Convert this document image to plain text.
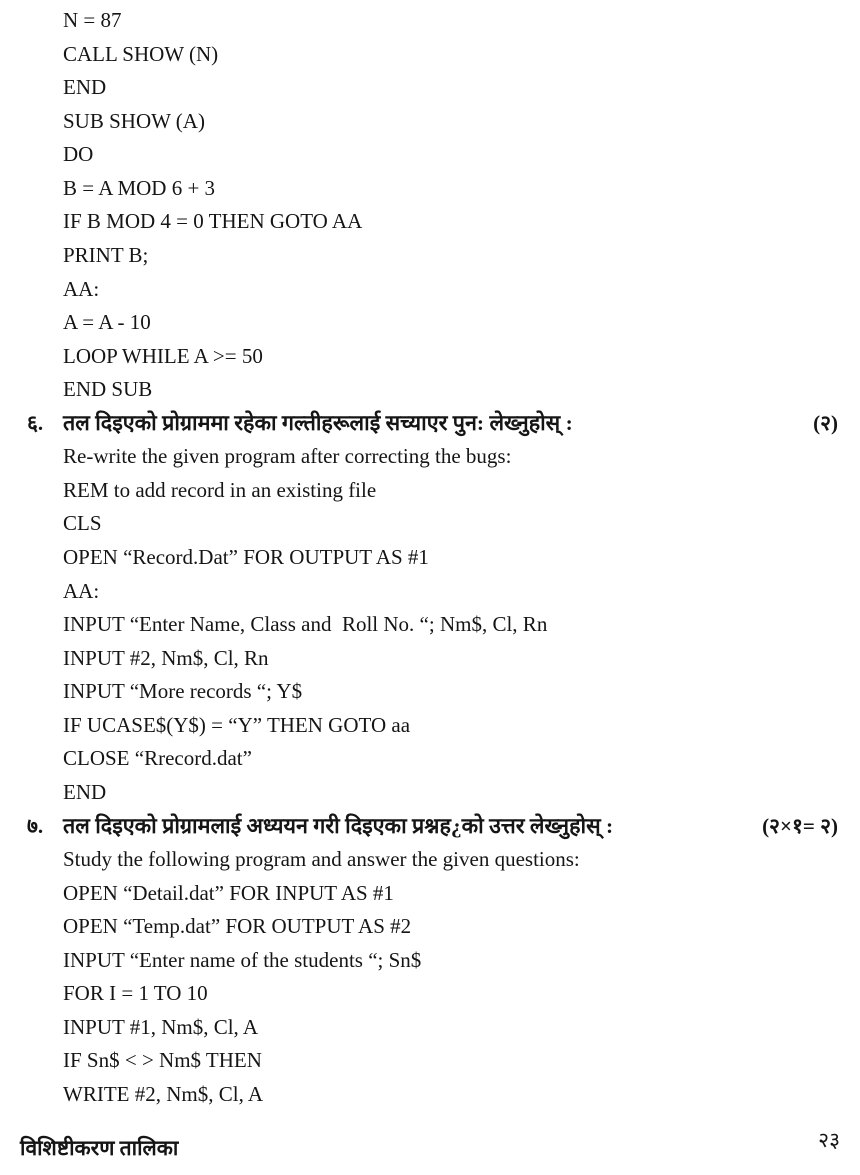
N = 87
CALL SHOW (N)
END
SUB SHOW (A)
DO
B = A MOD 6 + 3
IF B MOD 4 = 0 THEN GOTO AA
PRINT B;
AA:
A = A - 10
LOOP WHILE A >= 50
END SUB
६. तल दिइएको प्रोग्राममा रहेका गल्तीहरूलाई सच्याएर पुन: लेख्नुहोस् :	(२)
Re-write the given program after correcting the bugs:
REM to add record in an existing file
CLS
OPEN “Record.Dat” FOR OUTPUT AS #1
AA:
INPUT “Enter Name, Class and  Roll No. “; Nm$, Cl, Rn
INPUT #2, Nm$, Cl, Rn
INPUT “More records “; Y$
IF UCASE$(Y$) = “Y” THEN GOTO aa
CLOSE “Rrecord.dat”
END
७. तल दिइएको प्रोग्रामलाई अध्ययन गरी दिइएका प्रश्नह¿को उत्तर लेख्नुहोस् :	(२×१= २)
Study the following program and answer the given questions:
OPEN “Detail.dat” FOR INPUT AS #1
OPEN “Temp.dat” FOR OUTPUT AS #2
INPUT “Enter name of the students “; Sn$
FOR I = 1 TO 10
INPUT #1, Nm$, Cl, A
IF Sn$ < > Nm$ THEN
WRITE #2, Nm$, Cl, A
विशिष्टीकरण तालिका	२३
